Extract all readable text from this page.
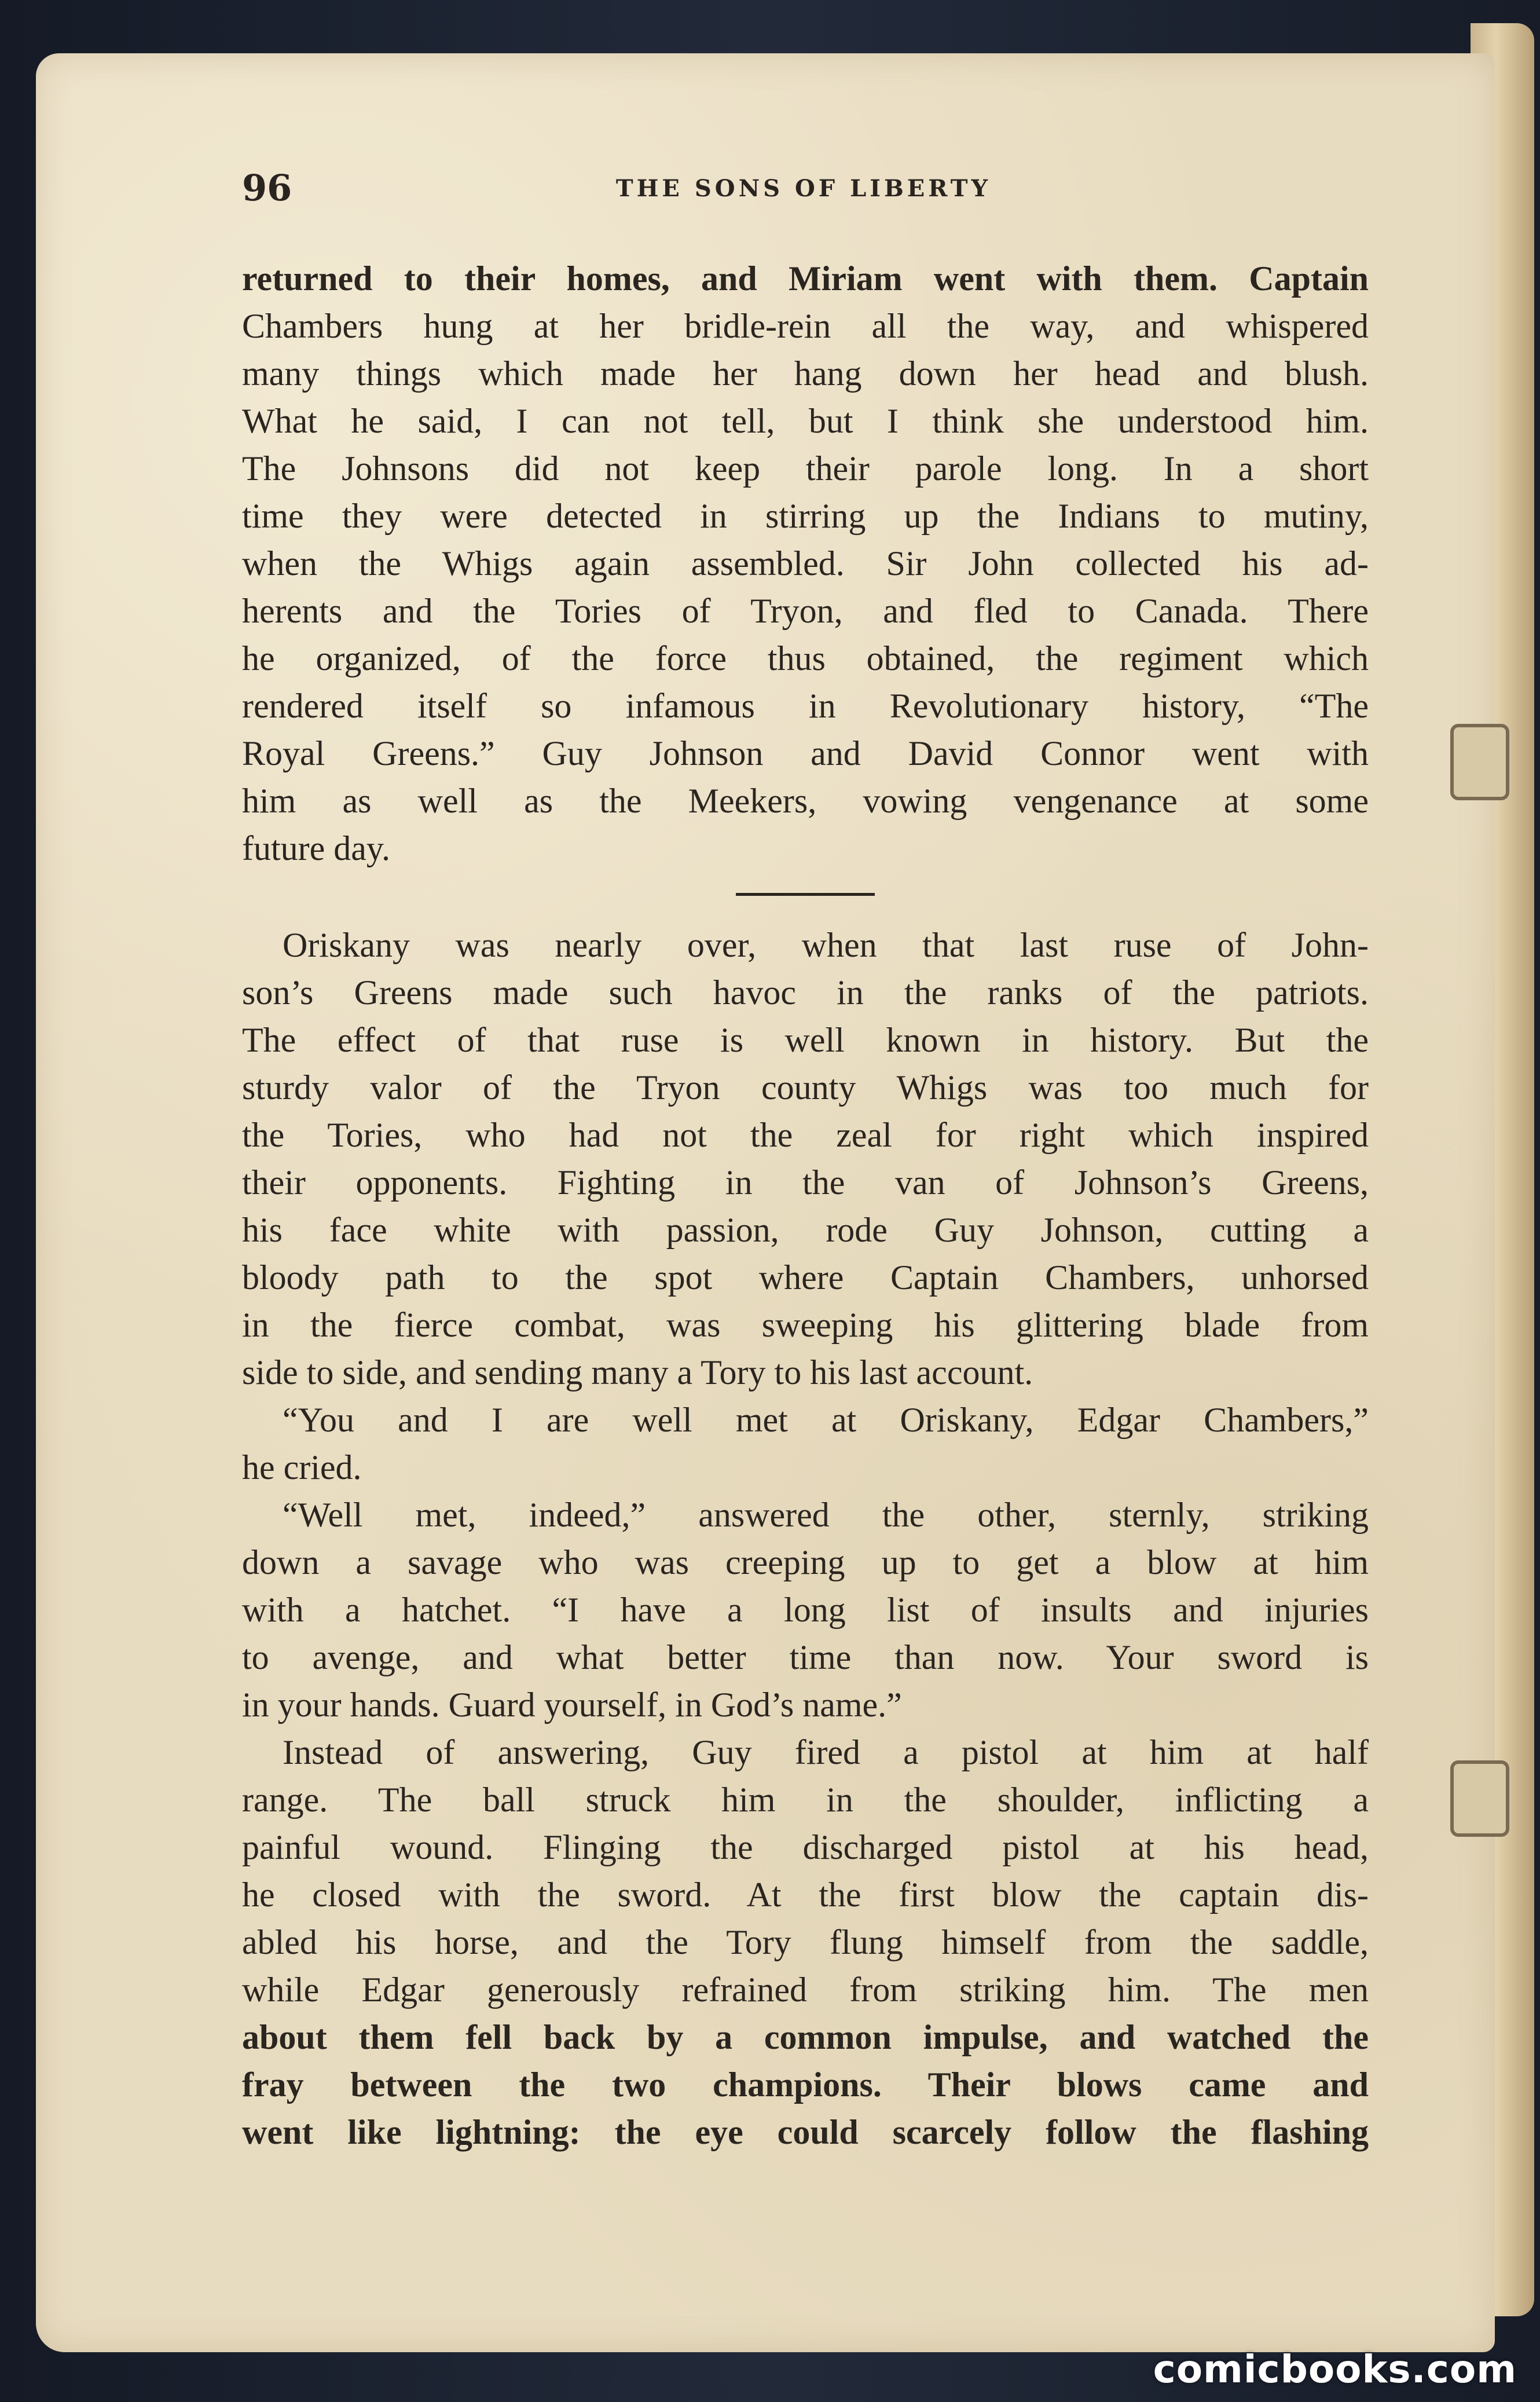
96	THE SONS OF LIBERTY
returned to their homes, and Miriam went with them. Captain
Chambers hung at her bridle-rein all the way, and whispered
many things which made her hang down her head and blush.
What he said, I can not tell, but I think she understood him.
The Johnsons did not keep their parole long. In a short
time they were detected in stirring up the Indians to mutiny,
when the Whigs again assembled. Sir John collected his ad-
herents and the Tories of Tryon, and fled to Canada. There
he organized, of the force thus obtained, the regiment which
rendered itself so infamous in Revolutionary history, “The
Royal Greens.” Guy Johnson and David Connor went with
him as well as the Meekers, vowing vengenance at some
future day.
Oriskany was nearly over, when that last ruse of John-
son’s Greens made such havoc in the ranks of the patriots.
The effect of that ruse is well known in history. But the
sturdy valor of the Tryon county Whigs was too much for
the Tories, who had not the zeal for right which inspired
their opponents. Fighting in the van of Johnson’s Greens,
his face white with passion, rode Guy Johnson, cutting a
bloody path to the spot where Captain Chambers, unhorsed
in the fierce combat, was sweeping his glittering blade from
side to side, and sending many a Tory to his last account.
“You and I are well met at Oriskany, Edgar Chambers,”
he cried.
“Well met, indeed,” answered the other, sternly, striking
down a savage who was creeping up to get a blow at him
with a hatchet. “I have a long list of insults and injuries
to avenge, and what better time than now. Your sword is
in your hands. Guard yourself, in God’s name.”
Instead of answering, Guy fired a pistol at him at half
range. The ball struck him in the shoulder, inflicting a
painful wound. Flinging the discharged pistol at his head,
he closed with the sword. At the first blow the captain dis-
abled his horse, and the Tory flung himself from the saddle,
while Edgar generously refrained from striking him. The men
about them fell back by a common impulse, and watched the
fray between the two champions. Their blows came and
went like lightning: the eye could scarcely follow the flashing
comicbooks.com
